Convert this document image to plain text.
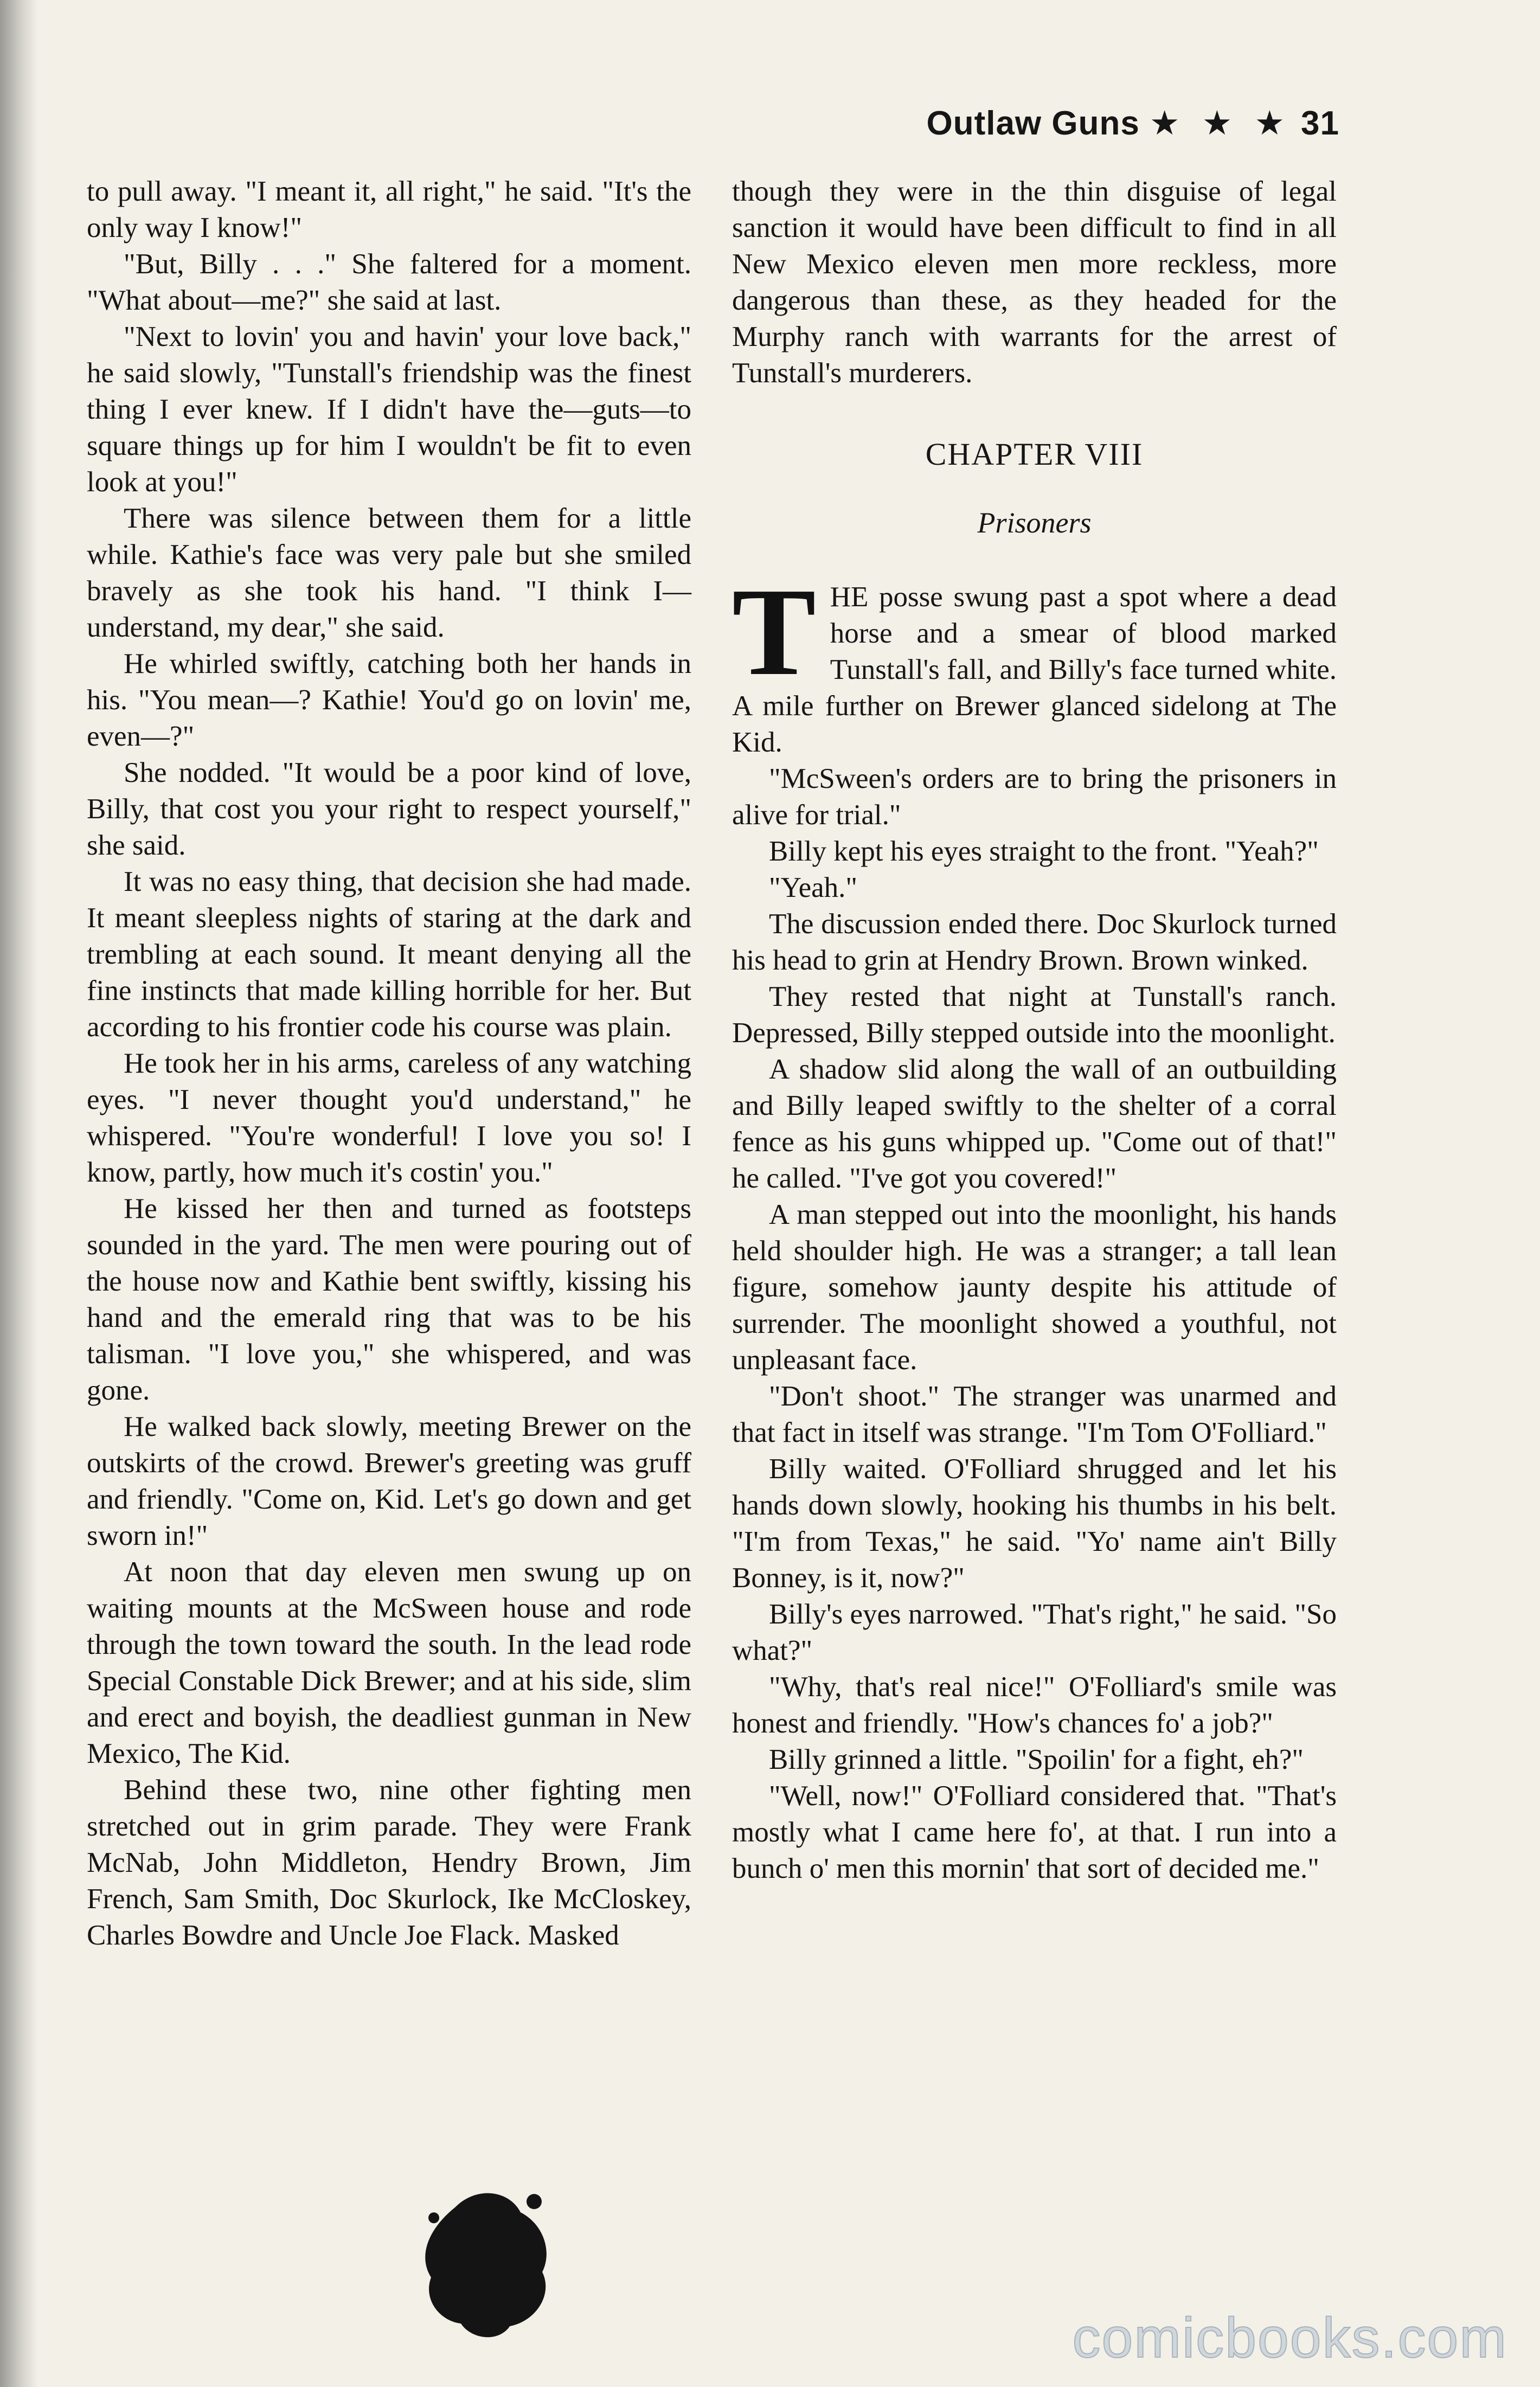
Outlaw Guns ★ ★ ★ 31

to pull away. "I meant it, all right," he said. "It's the only way I know!"

"But, Billy . . ." She faltered for a moment. "What about—me?" she said at last.

"Next to lovin' you and havin' your love back," he said slowly, "Tunstall's friendship was the finest thing I ever knew. If I didn't have the—guts—to square things up for him I wouldn't be fit to even look at you!"

There was silence between them for a little while. Kathie's face was very pale but she smiled bravely as she took his hand. "I think I—understand, my dear," she said.

He whirled swiftly, catching both her hands in his. "You mean—? Kathie! You'd go on lovin' me, even—?"

She nodded. "It would be a poor kind of love, Billy, that cost you your right to respect yourself," she said.

It was no easy thing, that decision she had made. It meant sleepless nights of staring at the dark and trembling at each sound. It meant denying all the fine instincts that made killing horrible for her. But according to his frontier code his course was plain.

He took her in his arms, careless of any watching eyes. "I never thought you'd understand," he whispered. "You're wonderful! I love you so! I know, partly, how much it's costin' you."

He kissed her then and turned as footsteps sounded in the yard. The men were pouring out of the house now and Kathie bent swiftly, kissing his hand and the emerald ring that was to be his talisman. "I love you," she whispered, and was gone.

He walked back slowly, meeting Brewer on the outskirts of the crowd. Brewer's greeting was gruff and friendly. "Come on, Kid. Let's go down and get sworn in!"

At noon that day eleven men swung up on waiting mounts at the McSween house and rode through the town toward the south. In the lead rode Special Constable Dick Brewer; and at his side, slim and erect and boyish, the deadliest gunman in New Mexico, The Kid.

Behind these two, nine other fighting men stretched out in grim parade. They were Frank McNab, John Middleton, Hendry Brown, Jim French, Sam Smith, Doc Skurlock, Ike McCloskey, Charles Bowdre and Uncle Joe Flack. Masked

though they were in the thin disguise of legal sanction it would have been difficult to find in all New Mexico eleven men more reckless, more dangerous than these, as they headed for the Murphy ranch with warrants for the arrest of Tunstall's murderers.

CHAPTER VIII
Prisoners

THE posse swung past a spot where a dead horse and a smear of blood marked Tunstall's fall, and Billy's face turned white. A mile further on Brewer glanced sidelong at The Kid.

"McSween's orders are to bring the prisoners in alive for trial."

Billy kept his eyes straight to the front. "Yeah?"

"Yeah."

The discussion ended there. Doc Skurlock turned his head to grin at Hendry Brown. Brown winked.

They rested that night at Tunstall's ranch. Depressed, Billy stepped outside into the moonlight.

A shadow slid along the wall of an outbuilding and Billy leaped swiftly to the shelter of a corral fence as his guns whipped up. "Come out of that!" he called. "I've got you covered!"

A man stepped out into the moonlight, his hands held shoulder high. He was a stranger; a tall lean figure, somehow jaunty despite his attitude of surrender. The moonlight showed a youthful, not unpleasant face.

"Don't shoot." The stranger was unarmed and that fact in itself was strange. "I'm Tom O'Folliard."

Billy waited. O'Folliard shrugged and let his hands down slowly, hooking his thumbs in his belt. "I'm from Texas," he said. "Yo' name ain't Billy Bonney, is it, now?"

Billy's eyes narrowed. "That's right," he said. "So what?"

"Why, that's real nice!" O'Folliard's smile was honest and friendly. "How's chances fo' a job?"

Billy grinned a little. "Spoilin' for a fight, eh?"

"Well, now!" O'Folliard considered that. "That's mostly what I came here fo', at that. I run into a bunch o' men this mornin' that sort of decided me."

comicbooks.com
